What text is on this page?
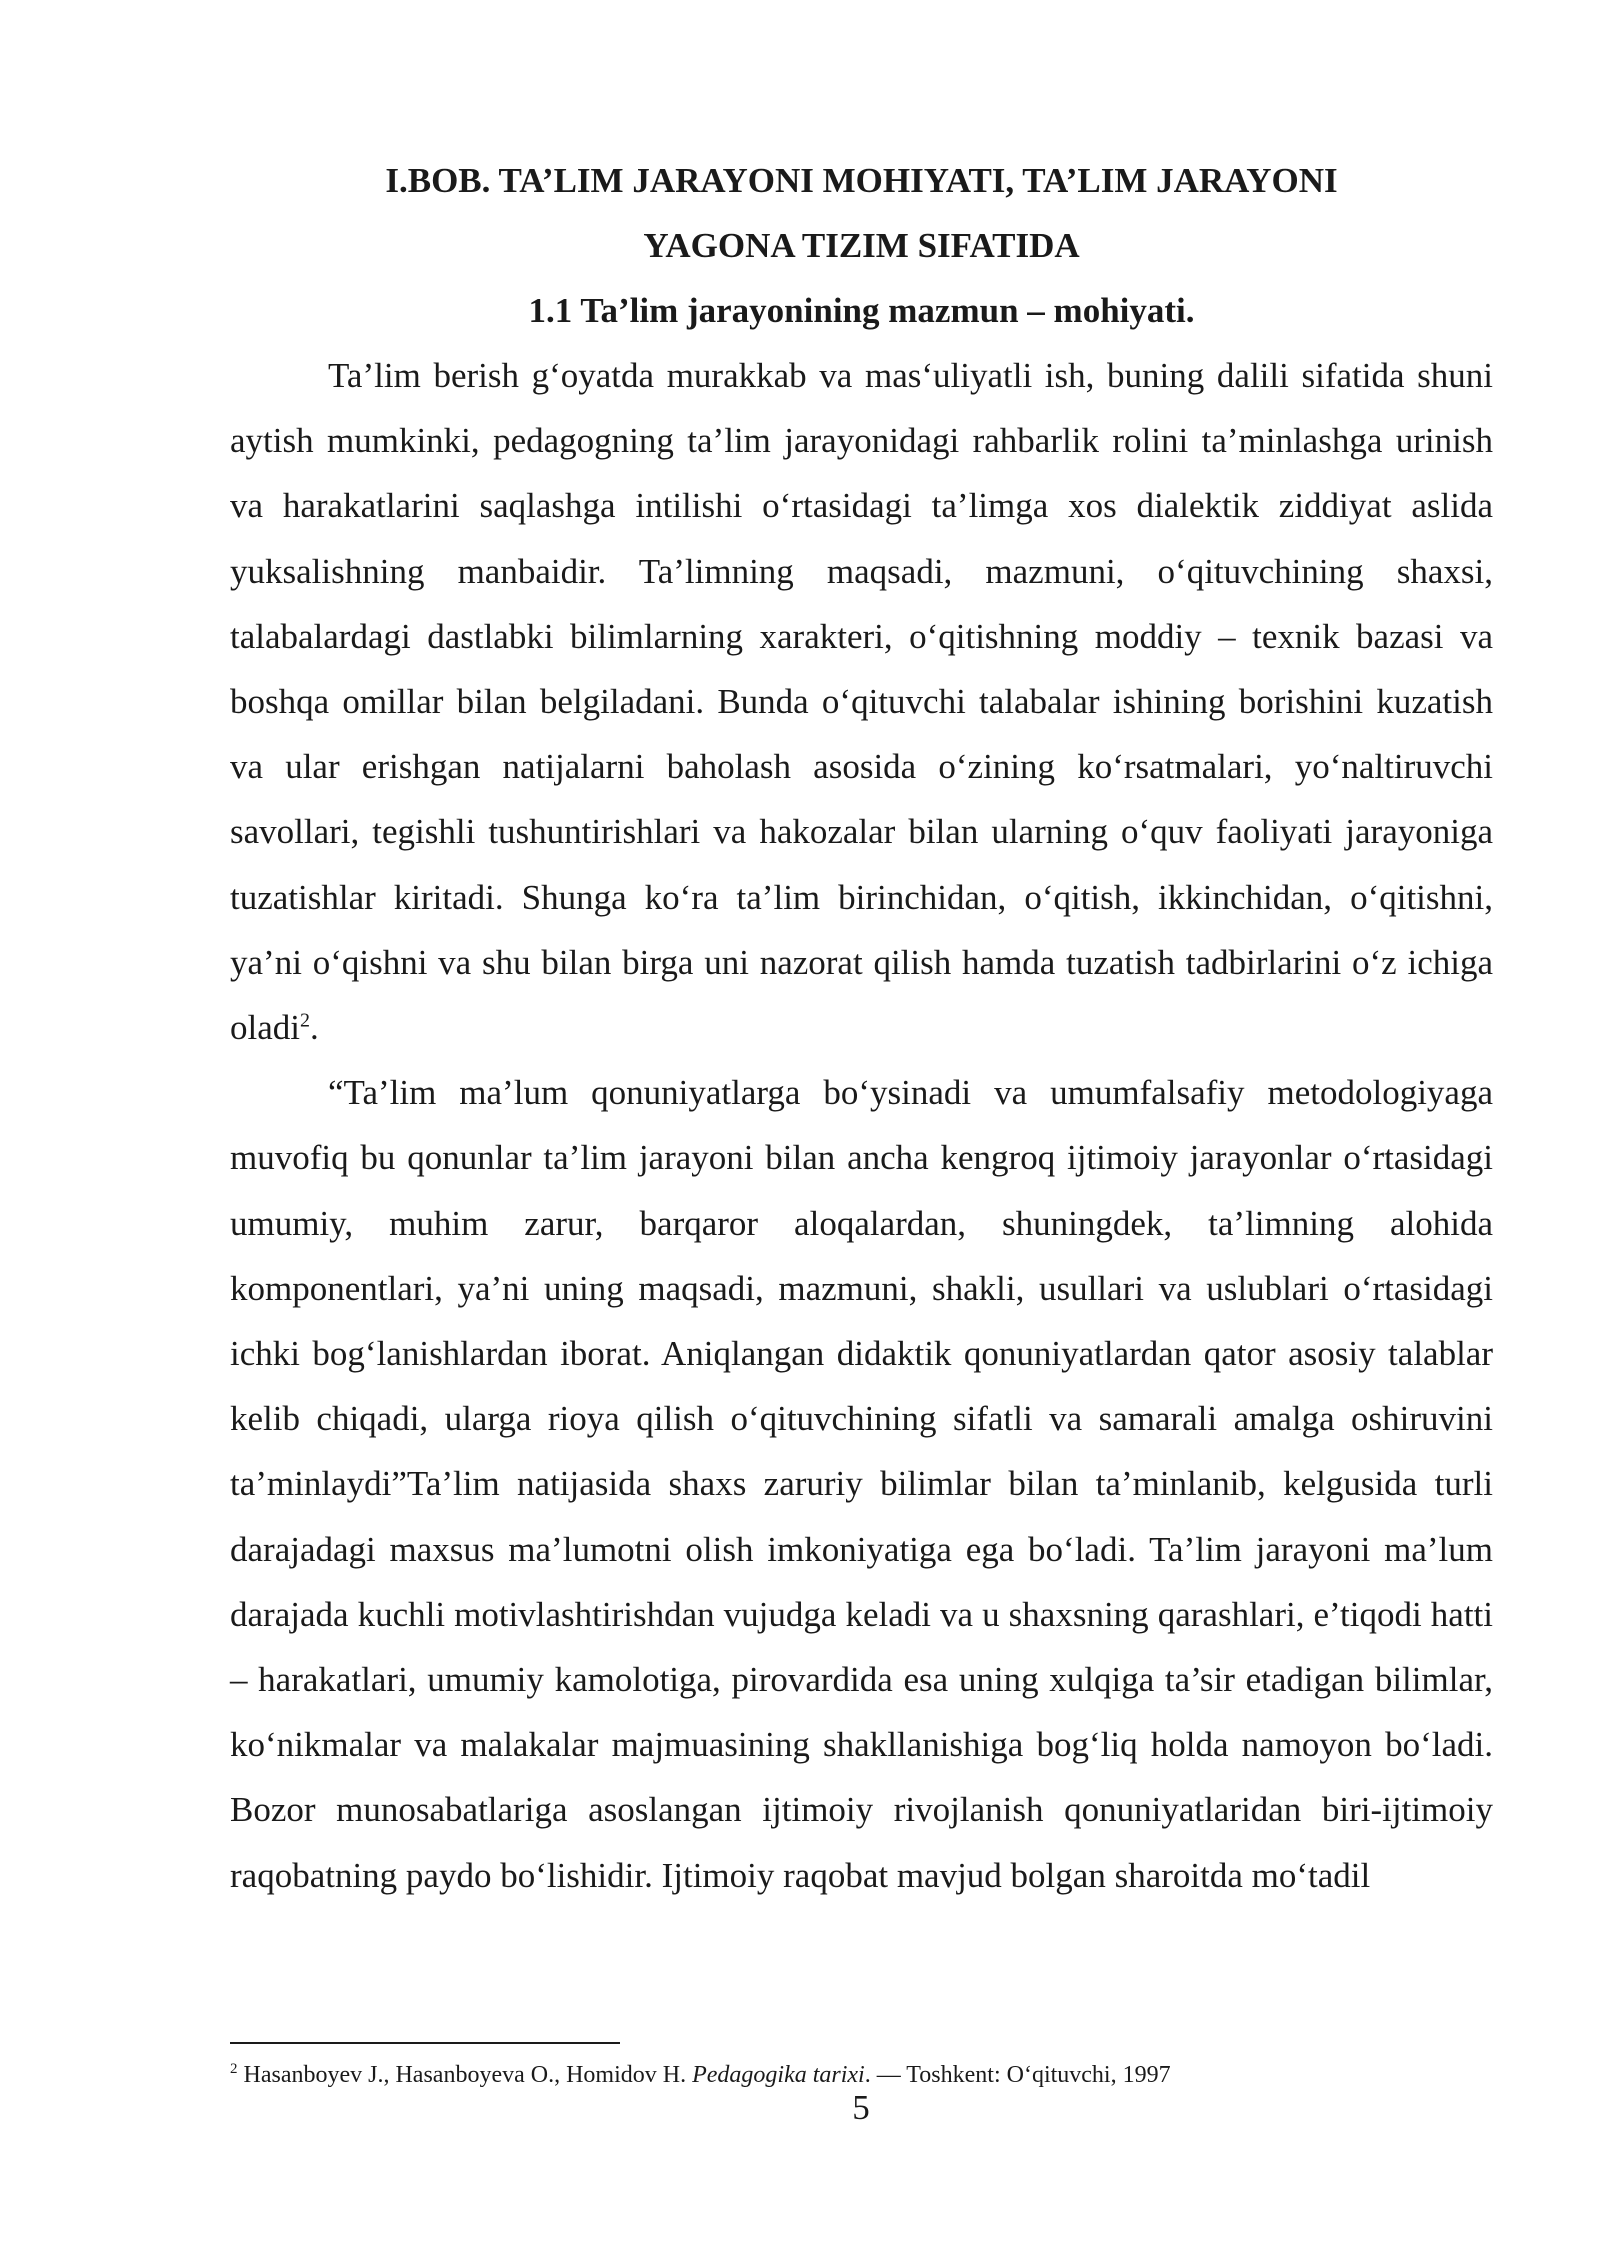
I.BOB. TA’LIM JARAYONI MOHIYATI, TA’LIM JARAYONI
YAGONA TIZIM SIFATIDA
1.1 Ta’lim jarayonining mazmun – mohiyati.

Ta’lim berish g‘oyatda murakkab va mas‘uliyatli ish, buning dalili sifatida shuni aytish mumkinki, pedagogning ta’lim jarayonidagi rahbarlik rolini ta’minlashga urinish va harakatlarini saqlashga intilishi o‘rtasidagi ta’limga xos dialektik ziddiyat aslida yuksalishning manbaidir. Ta’limning maqsadi, mazmuni, o‘qituvchining shaxsi, talabalardagi dastlabki bilimlarning xarakteri, o‘qitishning moddiy – texnik bazasi va boshqa omillar bilan belgiladani. Bunda o‘qituvchi talabalar ishining borishini kuzatish va ular erishgan natijalarni baholash asosida o‘zining ko‘rsatmalari, yo‘naltiruvchi savollari, tegishli tushuntirishlari va hakozalar bilan ularning o‘quv faoliyati jarayoniga tuzatishlar kiritadi. Shunga ko‘ra ta’lim birinchidan, o‘qitish, ikkinchidan, o‘qitishni, ya’ni o‘qishni va shu bilan birga uni nazorat qilish hamda tuzatish tadbirlarini o‘z ichiga oladi$^2$.

“Ta’lim ma’lum qonuniyatlarga bo‘ysinadi va umumfalsafiy metodologiyaga muvofiq bu qonunlar ta’lim jarayoni bilan ancha kengroq ijtimoiy jarayonlar o‘rtasidagi umumiy, muhim zarur, barqaror aloqalardan, shuningdek, ta’limning alohida komponentlari, ya’ni uning maqsadi, mazmuni, shakli, usullari va uslublari o‘rtasidagi ichki bog‘lanishlardan iborat. Aniqlangan didaktik qonuniyatlardan qator asosiy talablar kelib chiqadi, ularga rioya qilish o‘qituvchining sifatli va samarali amalga oshiruvini ta’minlaydi”Ta’lim natijasida shaxs zaruriy bilimlar bilan ta’minlanib, kelgusida turli darajadagi maxsus ma’lumotni olish imkoniyatiga ega bo‘ladi. Ta’lim jarayoni ma’lum darajada kuchli motivlashtirishdan vujudga keladi va u shaxsning qarashlari, e’tiqodi hatti – harakatlari, umumiy kamolotiga, pirovardida esa uning xulqiga ta’sir etadigan bilimlar, ko‘nikmalar va malakalar majmuasining shakllanishiga bog‘liq holda namoyon bo‘ladi. Bozor munosabatlariga asoslangan ijtimoiy rivojlanish qonuniyatlaridan biri-ijtimoiy raqobatning paydo bo‘lishidir. Ijtimoiy raqobat mavjud bolgan sharoitda mo‘tadil

$^2$ Hasanboyev J., Hasanboyeva O., Homidov H. Pedagogika tarixi. — Toshkent: O‘qituvchi, 1997

5
